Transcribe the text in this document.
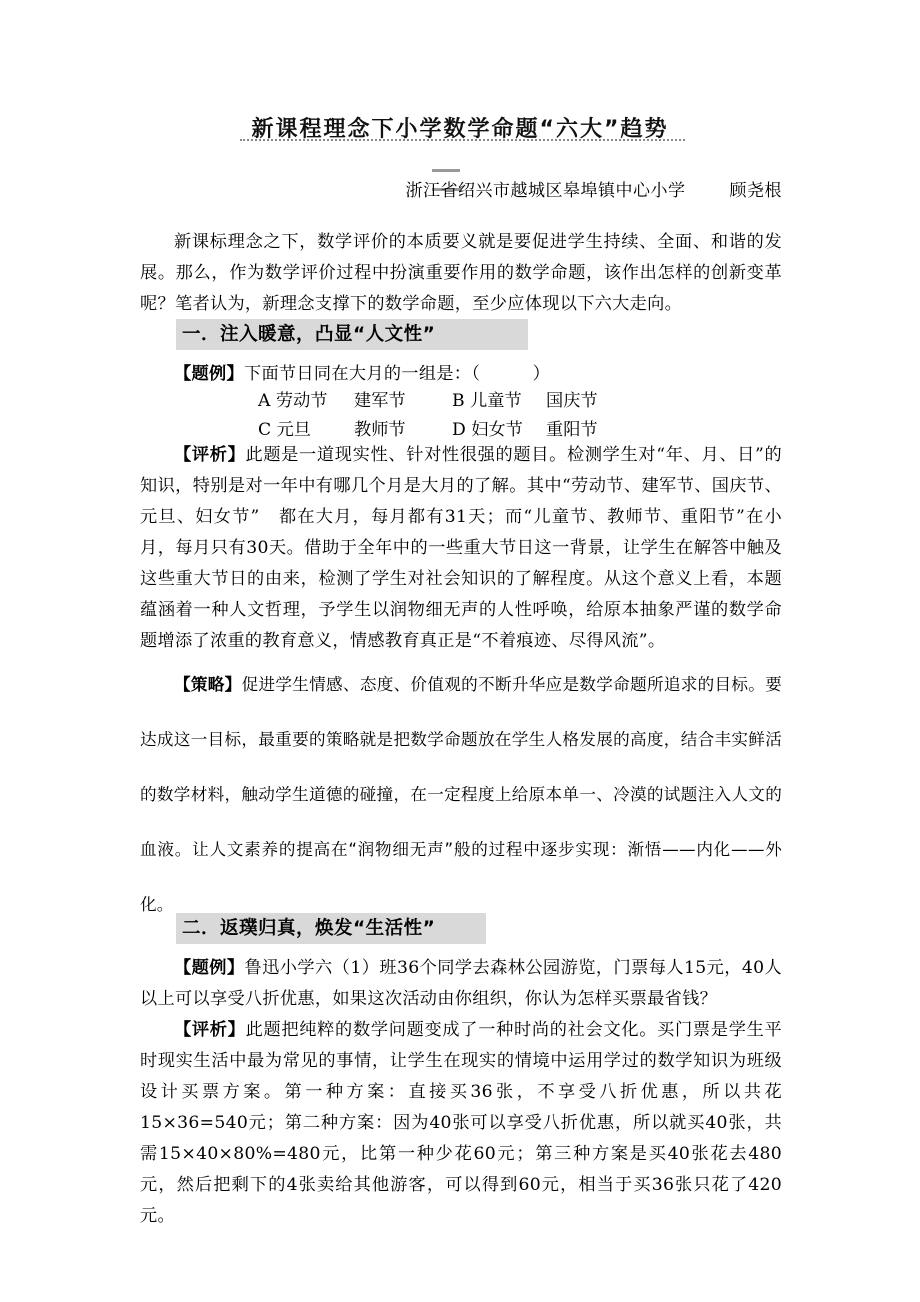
新课程理念下小学数学命题“六大”趋势
浙江省绍兴市越城区皋埠镇中心小学	顾尧根

新课标理念之下，数学评价的本质要义就是要促进学生持续、全面、和谐的发展。那么，作为数学评价过程中扮演重要作用的数学命题，该作出怎样的创新变革呢？笔者认为，新理念支撑下的数学命题，至少应体现以下六大走向。

一．注入暖意，凸显“人文性”

【题例】下面节日同在大月的一组是：（　　　）

A 劳动节 建军节	B 儿童节 国庆节
C 元旦	教师节	D 妇女节 重阳节

【评析】此题是一道现实性、针对性很强的题目。检测学生对“年、月、日”的知识，特别是对一年中有哪几个月是大月的了解。其中“劳动节、建军节、国庆节、元旦、妇女节”　都在大月，每月都有31天；而“儿童节、教师节、重阳节”在小月，每月只有30天。借助于全年中的一些重大节日这一背景，让学生在解答中触及这些重大节日的由来，检测了学生对社会知识的了解程度。从这个意义上看，本题蕴涵着一种人文哲理，予学生以润物细无声的人性呼唤，给原本抽象严谨的数学命题增添了浓重的教育意义，情感教育真正是“不着痕迹、尽得风流”。

【策略】促进学生情感、态度、价值观的不断升华应是数学命题所追求的目标。要达成这一目标，最重要的策略就是把数学命题放在学生人格发展的高度，结合丰实鲜活的数学材料，触动学生道德的碰撞，在一定程度上给原本单一、冷漠的试题注入人文的血液。让人文素养的提高在“润物细无声”般的过程中逐步实现：渐悟——内化——外化。

二．返璞归真，焕发“生活性”

【题例】鲁迅小学六（1）班36个同学去森林公园游览，门票每人15元，40人以上可以享受八折优惠，如果这次活动由你组织，你认为怎样买票最省钱？

【评析】此题把纯粹的数学问题变成了一种时尚的社会文化。买门票是学生平时现实生活中最为常见的事情，让学生在现实的情境中运用学过的数学知识为班级设计买票方案。第一种方案：直接买36张，不享受八折优惠，所以共花15×36=540元；第二种方案：因为40张可以享受八折优惠，所以就买40张，共需15×40×80%=480元，比第一种少花60元；第三种方案是买40张花去480元，然后把剩下的4张卖给其他游客，可以得到60元，相当于买36张只花了420元。
